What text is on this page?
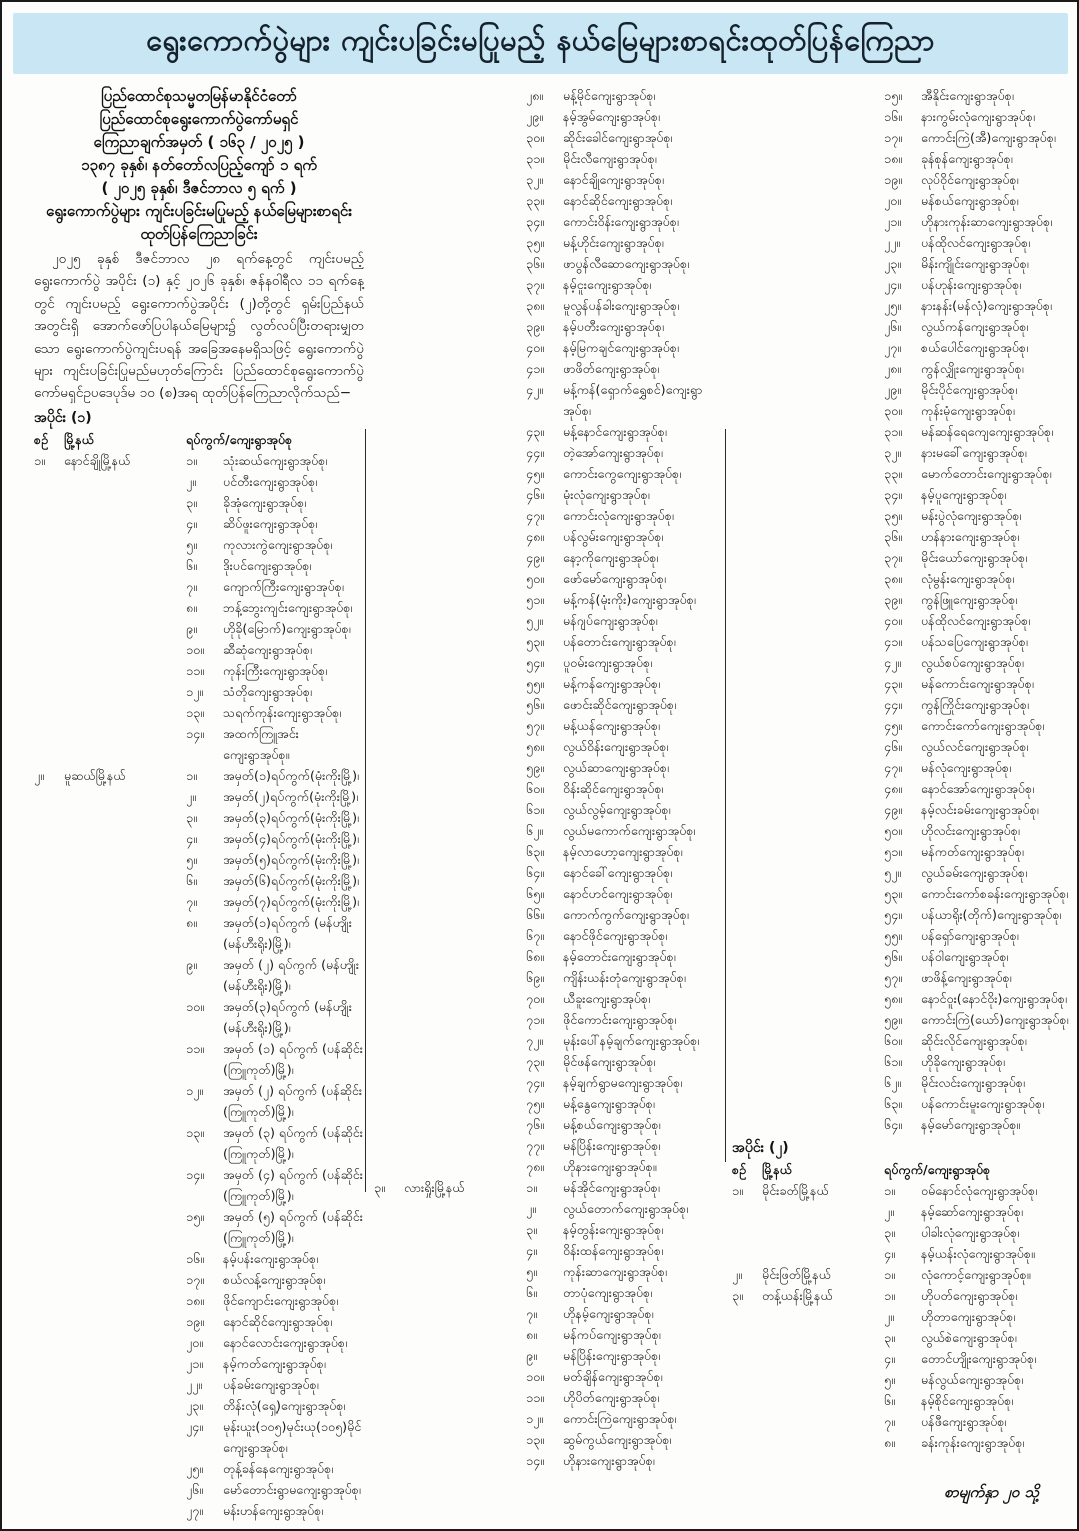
ရွေးကောက်ပွဲများ ကျင်းပခြင်းမပြုမည့် နယ်မြေများစာရင်းထုတ်ပြန်ကြေညာ
ပြည်ထောင်စုသမ္မတမြန်မာနိုင်ငံတော်
ပြည်ထောင်စုရွေးကောက်ပွဲကော်မရှင်
ကြေညာချက်အမှတ် ( ၁၆၃ / ၂၀၂၅ )
၁၃၈၇ ခုနှစ်၊ နတ်တော်လပြည့်ကျော် ၁ ရက်
( ၂၀၂၅ ခုနှစ်၊ ဒီဇင်ဘာလ ၅ ရက် )
ရွေးကောက်ပွဲများ ကျင်းပခြင်းမပြုမည့် နယ်မြေများစာရင်း
ထုတ်ပြန်ကြေညာခြင်း
၂၀၂၅ ခုနှစ် ဒီဇင်ဘာလ ၂၈ ရက်နေ့တွင် ကျင်းပမည့် ရွေးကောက်ပွဲ အပိုင်း (၁) နှင့် ၂၀၂၆ ခုနှစ်၊ ဇန်နဝါရီလ ၁၁ ရက်နေ့တွင် ကျင်းပမည့် ရွေးကောက်ပွဲအပိုင်း (၂)တို့တွင် ရှမ်းပြည်နယ်အတွင်းရှိ အောက်ဖော်ပြပါနယ်မြေများ၌ လွတ်လပ်ပြီးတရားမျှတသော ရွေးကောက်ပွဲကျင်းပရန် အခြေအနေမရှိသဖြင့် ရွေးကောက်ပွဲများ ကျင်းပခြင်းပြုမည်မဟုတ်ကြောင်း ပြည်ထောင်စုရွေးကောက်ပွဲ ကော်မရှင်ဥပဒေပုဒ်မ ၁၀ (စ)အရ ထုတ်ပြန်ကြေညာလိုက်သည်−
အပိုင်း (၁)
စဉ်	မြို့နယ်	ရပ်ကွက်/ကျေးရွာအုပ်စု
၁။	နောင်ချိုမြို့နယ်	၁။	သုံးဆယ်ကျေးရွာအုပ်စု၊
၂။	ပင်တီးကျေးရွာအုပ်စု၊
၃။	ခိုအုံကျေးရွာအုပ်စု၊
၄။	ဆိပ်ဖူးကျေးရွာအုပ်စု၊
၅။	ကုလားကွဲကျေးရွာအုပ်စု၊
၆။	ဒိုးပင်ကျေးရွာအုပ်စု၊
၇။	ကျောက်ကြီးကျေးရွာအုပ်စု၊
၈။	ဘန့်ဘွေးကျင်းကျေးရွာအုပ်စု၊
၉။	ဟိုခို(မြောက်)ကျေးရွာအုပ်စု၊
၁၀။	ဆီဆုံကျေးရွာအုပ်စု၊
၁၁။	ကုန်းကြီးကျေးရွာအုပ်စု၊
၁၂။	သံတိုကျေးရွာအုပ်စု၊
၁၃။	သရက်ကုန်းကျေးရွာအုပ်စု၊
၁၄။	အထက်ကြူအင်းကျေးရွာအုပ်စု။
၂။	မူဆယ်မြို့နယ်	၁။	အမှတ်(၁)ရပ်ကွက်(မုံးကိုးမြို့)၊
၂။	အမှတ်(၂)ရပ်ကွက်(မုံးကိုးမြို့)၊
၃။	အမှတ်(၃)ရပ်ကွက်(မုံးကိုးမြို့)၊
၄။	အမှတ်(၄)ရပ်ကွက်(မုံးကိုးမြို့)၊
၅။	အမှတ်(၅)ရပ်ကွက်(မုံးကိုးမြို့)၊
၆။	အမှတ်(၆)ရပ်ကွက်(မုံးကိုးမြို့)၊
၇။	အမှတ်(၇)ရပ်ကွက်(မုံးကိုးမြို့)၊
၈။	အမှတ်(၁)ရပ်ကွက် (မန်ဟျိုး (မန်ဟီးရိုး)မြို့)၊
၉။	အမှတ် (၂) ရပ်ကွက် (မန်ဟျိုး (မန်ဟီးရိုး)မြို့)၊
၁၀။	အမှတ်(၃)ရပ်ကွက် (မန်ဟျိုး (မန်ဟီးရိုး)မြို့)၊
၁၁။	အမှတ် (၁) ရပ်ကွက် (ပန်ဆိုင်း (ကြူကုတ်)မြို့)၊
၁၂။	အမှတ် (၂) ရပ်ကွက် (ပန်ဆိုင်း (ကြူကုတ်)မြို့)၊
၁၃။	အမှတ် (၃) ရပ်ကွက် (ပန်ဆိုင်း (ကြူကုတ်)မြို့)၊
၁၄။	အမှတ် (၄) ရပ်ကွက် (ပန်ဆိုင်း (ကြူကုတ်)မြို့)၊
၁၅။	အမှတ် (၅) ရပ်ကွက် (ပန်ဆိုင်း (ကြူကုတ်)မြို့)၊
၁၆။	နမ့်ပန်းကျေးရွာအုပ်စု၊
၁၇။	စယ်လန့်ကျေးရွာအုပ်စု၊
၁၈။	ဖိုင်ကျောင်းကျေးရွာအုပ်စု၊
၁၉။	နောင်ဆိုင်ကျေးရွာအုပ်စု၊
၂၀။	နောင်လောင်းကျေးရွာအုပ်စု၊
၂၁။	နမ့်ကတ်ကျေးရွာအုပ်စု၊
၂၂။	ပန်ခမ်းကျေးရွာအုပ်စု၊
၂၃။	တိန်းလုံ(ရှေ့)ကျေးရွာအုပ်စု၊
၂၄။	မုန်းယူး(၁၀၅)မုင်းယု(၁၀၅)မိုင် ကျေးရွာအုပ်စု၊
၂၅။	တုန့်ခန်နေကျေးရွာအုပ်စု၊
၂၆။	မော်တောင်းရွာမကျေးရွာအုပ်စု၊
၂၇။	မန်းဟန်ကျေးရွာအုပ်စု၊
၂၈။	မန့်မိုင်ကျေးရွာအုပ်စု၊
၂၉။	နမ့်အွမ်ကျေးရွာအုပ်စု၊
၃၀။	ဆိုင်းခေါင်ကျေးရွာအုပ်စု၊
၃၁။	မိုင်းလီကျေးရွာအုပ်စု၊
၃၂။	နောင်ချိုကျေးရွာအုပ်စု၊
၃၃။	နောင်ဆိုင်ကျေးရွာအုပ်စု၊
၃၄။	ကောင်းဝိန်းကျေးရွာအုပ်စု၊
၃၅။	မန့်ဟိုင်းကျေးရွာအုပ်စု၊
၃၆။	ဖာပွန်လီဆောကျေးရွာအုပ်စု၊
၃၇။	နမ့်ငူးကျေးရွာအုပ်စု၊
၃၈။	မူလွန်ပန်ခါးကျေးရွာအုပ်စု၊
၃၉။	နမ့်ပတီးကျေးရွာအုပ်စု၊
၄၀။	နမ့်မြကချင်ကျေးရွာအုပ်စု၊
၄၁။	ဖာဖိတ်ကျေးရွာအုပ်စု၊
၄၂။	မန့်ကန်(ရှောက်ရွှေစင်)ကျေးရွာ အုပ်စု၊
၄၃။	မန့်နောင်ကျေးရွာအုပ်စု၊
၄၄။	တဲ့အော်ကျေးရွာအုပ်စု၊
၄၅။	ကောင်းကွေကျေးရွာအုပ်စု၊
၄၆။	မုံးလုံကျေးရွာအုပ်စု၊
၄၇။	ကောင်းလုံကျေးရွာအုပ်စု၊
၄၈။	ပန်လွမ်းကျေးရွာအုပ်စု၊
၄၉။	နော့ကိုကျေးရွာအုပ်စု၊
၅၀။	ဖော်မော်ကျေးရွာအုပ်စု၊
၅၁။	မန့်ကန်(မုံးကိုး)ကျေးရွာအုပ်စု၊
၅၂။	မန်ဂျပ်ကျေးရွာအုပ်စု၊
၅၃။	ပန်တောင်းကျေးရွာအုပ်စု၊
၅၄။	ပူဝမ်းကျေးရွာအုပ်စု၊
၅၅။	မန့်ကန်ကျေးရွာအုပ်စု၊
၅၆။	ဖောင်းဆိုင်ကျေးရွာအုပ်စု၊
၅၇။	မန့်ယန်ကျေးရွာအုပ်စု၊
၅၈။	လွယ်ဝိန်းကျေးရွာအုပ်စု၊
၅၉။	လွယ်ဆာကျေးရွာအုပ်စု၊
၆၀။	ဝိန်းဆိုင်ကျေးရွာအုပ်စု၊
၆၁။	လွယ်လွမ့်ကျေးရွာအုပ်စု၊
၆၂။	လွယ်မကောက်ကျေးရွာအုပ်စု၊
၆၃။	နမ့်လာဟော့ကျေးရွာအုပ်စု၊
၆၄။	နောင်ခေါ်ကျေးရွာအုပ်စု၊
၆၅။	နောင်ဟင်ကျေးရွာအုပ်စု၊
၆၆။	ကောက်ကွက်ကျေးရွာအုပ်စု၊
၆၇။	နောင်ဖိုင်ကျေးရွာအုပ်စု၊
၆၈။	နမ့်တောင်းကျေးရွာအုပ်စု၊
၆၉။	ကျိန်းယန်းတုံကျေးရွာအုပ်စု၊
၇၀။	ယီခူးကျေးရွာအုပ်စု၊
၇၁။	ဖိုင်ကောင်းကျေးရွာအုပ်စု၊
၇၂။	မုန်းပေါ်နမ့်ချက်ကျေးရွာအုပ်စု၊
၇၃။	မိုင်ဖန်ကျေးရွာအုပ်စု၊
၇၄။	နမ့်ချက်ရွာမကျေးရွာအုပ်စု၊
၇၅။	မန့်နွေကျေးရွာအုပ်စု၊
၇၆။	မန့်စယ်ကျေးရွာအုပ်စု၊
၇၇။	မန်ပြိန်းကျေးရွာအုပ်စု၊
၇၈။	ဟိုနားကျေးရွာအုပ်စု။
၃။	လားရှိုးမြို့နယ်	၁။	မန်အိုင်ကျေးရွာအုပ်စု၊
၂။	လွယ်တောက်ကျေးရွာအုပ်စု၊
၃။	နမ့်တွန်းကျေးရွာအုပ်စု၊
၄။	ဝိန်းထန်ကျေးရွာအုပ်စု၊
၅။	ကုန်းဆာကျေးရွာအုပ်စု၊
၆။	တာပုံကျေးရွာအုပ်စု၊
၇။	ဟိုနမ့်ကျေးရွာအုပ်စု၊
၈။	မန်ကပ်ကျေးရွာအုပ်စု၊
၉။	မန်ပြိန်းကျေးရွာအုပ်စု၊
၁၀။	မတ်ချိန်ကျေးရွာအုပ်စု၊
၁၁။	ဟိုပိတ်ကျေးရွာအုပ်စု၊
၁၂။	ကောင်းကြဲကျေးရွာအုပ်စု၊
၁၃။	ဆွမ်ကွယ်ကျေးရွာအုပ်စု၊
၁၄။	ဟိုနားကျေးရွာအုပ်စု၊
၁၅။	အီနိုင်းကျေးရွာအုပ်စု၊
၁၆။	နားကွမ်းလုံကျေးရွာအုပ်စု၊
၁၇။	ကောင်းကြဲ(အီ)ကျေးရွာအုပ်စု၊
၁၈။	ခုန်စုန်ကျေးရွာအုပ်စု၊
၁၉။	လုပ်ဝိုင်ကျေးရွာအုပ်စု၊
၂၀။	မန်စယ်ကျေးရွာအုပ်စု၊
၂၁။	ဟိုနားကုန်းဆာကျေးရွာအုပ်စု၊
၂၂။	ပန်ထိုလင်ကျေးရွာအုပ်စု၊
၂၃။	မိန်းကျိုင်းကျေးရွာအုပ်စု၊
၂၄။	ပန်ဟုန်းကျေးရွာအုပ်စု၊
၂၅။	နားနန်း(မန်လုံ)ကျေးရွာအုပ်စု၊
၂၆။	လွယ်ကန်ကျေးရွာအုပ်စု၊
၂၇။	စယ်ပေါင်ကျေးရွာအုပ်စု၊
၂၈။	ကွန်လျှိုးကျေးရွာအုပ်စု၊
၂၉။	မိုင်းပိုင်ကျေးရွာအုပ်စု၊
၃၀။	ကုန်းမုံကျေးရွာအုပ်စု၊
၃၁။	မန်ဆန်ရေကျေကျေးရွာအုပ်စု၊
၃၂။	နားမခေါ်ကျေးရွာအုပ်စု၊
၃၃။	မောက်တောင်းကျေးရွာအုပ်စု၊
၃၄။	နမ့်ပူကျေးရွာအုပ်စု၊
၃၅။	မန်းပွဲလုံကျေးရွာအုပ်စု၊
၃၆။	ဟန်နားကျေးရွာအုပ်စု၊
၃၇။	မိုင်းယော်ကျေးရွာအုပ်စု၊
၃၈။	လုံမွန်းကျေးရွာအုပ်စု၊
၃၉။	ကွန်ဖြူကျေးရွာအုပ်စု၊
၄၀။	ပန်ထိုလင်ကျေးရွာအုပ်စု၊
၄၁။	ပန်သပြေကျေးရွာအုပ်စု၊
၄၂။	လွယ်စပ်ကျေးရွာအုပ်စု၊
၄၃။	မန်ကောင်းကျေးရွာအုပ်စု၊
၄၄။	ကွန်ကြိုင်းကျေးရွာအုပ်စု၊
၄၅။	ကောင်းကော်ကျေးရွာအုပ်စု၊
၄၆။	လွယ်လင်ကျေးရွာအုပ်စု၊
၄၇။	မန်လုံကျေးရွာအုပ်စု၊
၄၈။	နောင်အော်ကျေးရွာအုပ်စု၊
၄၉။	နမ့်လင်းခမ်းကျေးရွာအုပ်စု၊
၅၀။	ဟိုလင်းကျေးရွာအုပ်စု၊
၅၁။	မန်ကတ်ကျေးရွာအုပ်စု၊
၅၂။	လွယ်ခမ်းကျေးရွာအုပ်စု၊
၅၃။	ကောင်းကော်စခန်းကျေးရွာအုပ်စု၊
၅၄။	ပန်ယာရိုး(တိုက်)ကျေးရွာအုပ်စု၊
၅၅။	ပန်ရှော်ကျေးရွာအုပ်စု၊
၅၆။	ပန်ဝါကျေးရွာအုပ်စု၊
၅၇။	ဖာဖိန့်ကျေးရွာအုပ်စု၊
၅၈။	နောင်ဝူး(နောင်ဝိုး)ကျေးရွာအုပ်စု၊
၅၉။	ကောင်းကြဲ(ယော်)ကျေးရွာအုပ်စု၊
၆၀။	ဆိုင်းလိုင်ကျေးရွာအုပ်စု၊
၆၁။	ဟိုခိုကျေးရွာအုပ်စု၊
၆၂။	မိုင်းလင်းကျေးရွာအုပ်စု၊
၆၃။	ပန်ကောင်းမူးကျေးရွာအုပ်စု၊
၆၄။	နမ့်မော်ကျေးရွာအုပ်စု။
အပိုင်း (၂)
စဉ်	မြို့နယ်	ရပ်ကွက်/ကျေးရွာအုပ်စု
၁။	မိုင်းခတ်မြို့နယ်	၁။	ဝမ်နောင်လုံကျေးရွာအုပ်စု၊
၂။	နမ့်ဆော်ကျေးရွာအုပ်စု၊
၃။	ပါခါးလုံကျေးရွာအုပ်စု၊
၄။	နမ့်ယန်းလုံကျေးရွာအုပ်စု။
၂။	မိုင်းဖြတ်မြို့နယ်	၁။	လုံကောင့်ကျေးရွာအုပ်စု။
၃။	တန့်ယန်းမြို့နယ်	၁။	ဟိုပတ်ကျေးရွာအုပ်စု၊
၂။	ဟိုတာကျေးရွာအုပ်စု၊
၃။	လွယ်စဲကျေးရွာအုပ်စု၊
၄။	တောင်ဟျိုးကျေးရွာအုပ်စု၊
၅။	မန်လွယ်ကျေးရွာအုပ်စု၊
၆။	နမ့်စိုင်ကျေးရွာအုပ်စု၊
၇။	ပန်ဖီကျေးရွာအုပ်စု၊
၈။	ခန်းကုန်းကျေးရွာအုပ်စု၊
စာမျက်နှာ ၂၀ သို့
